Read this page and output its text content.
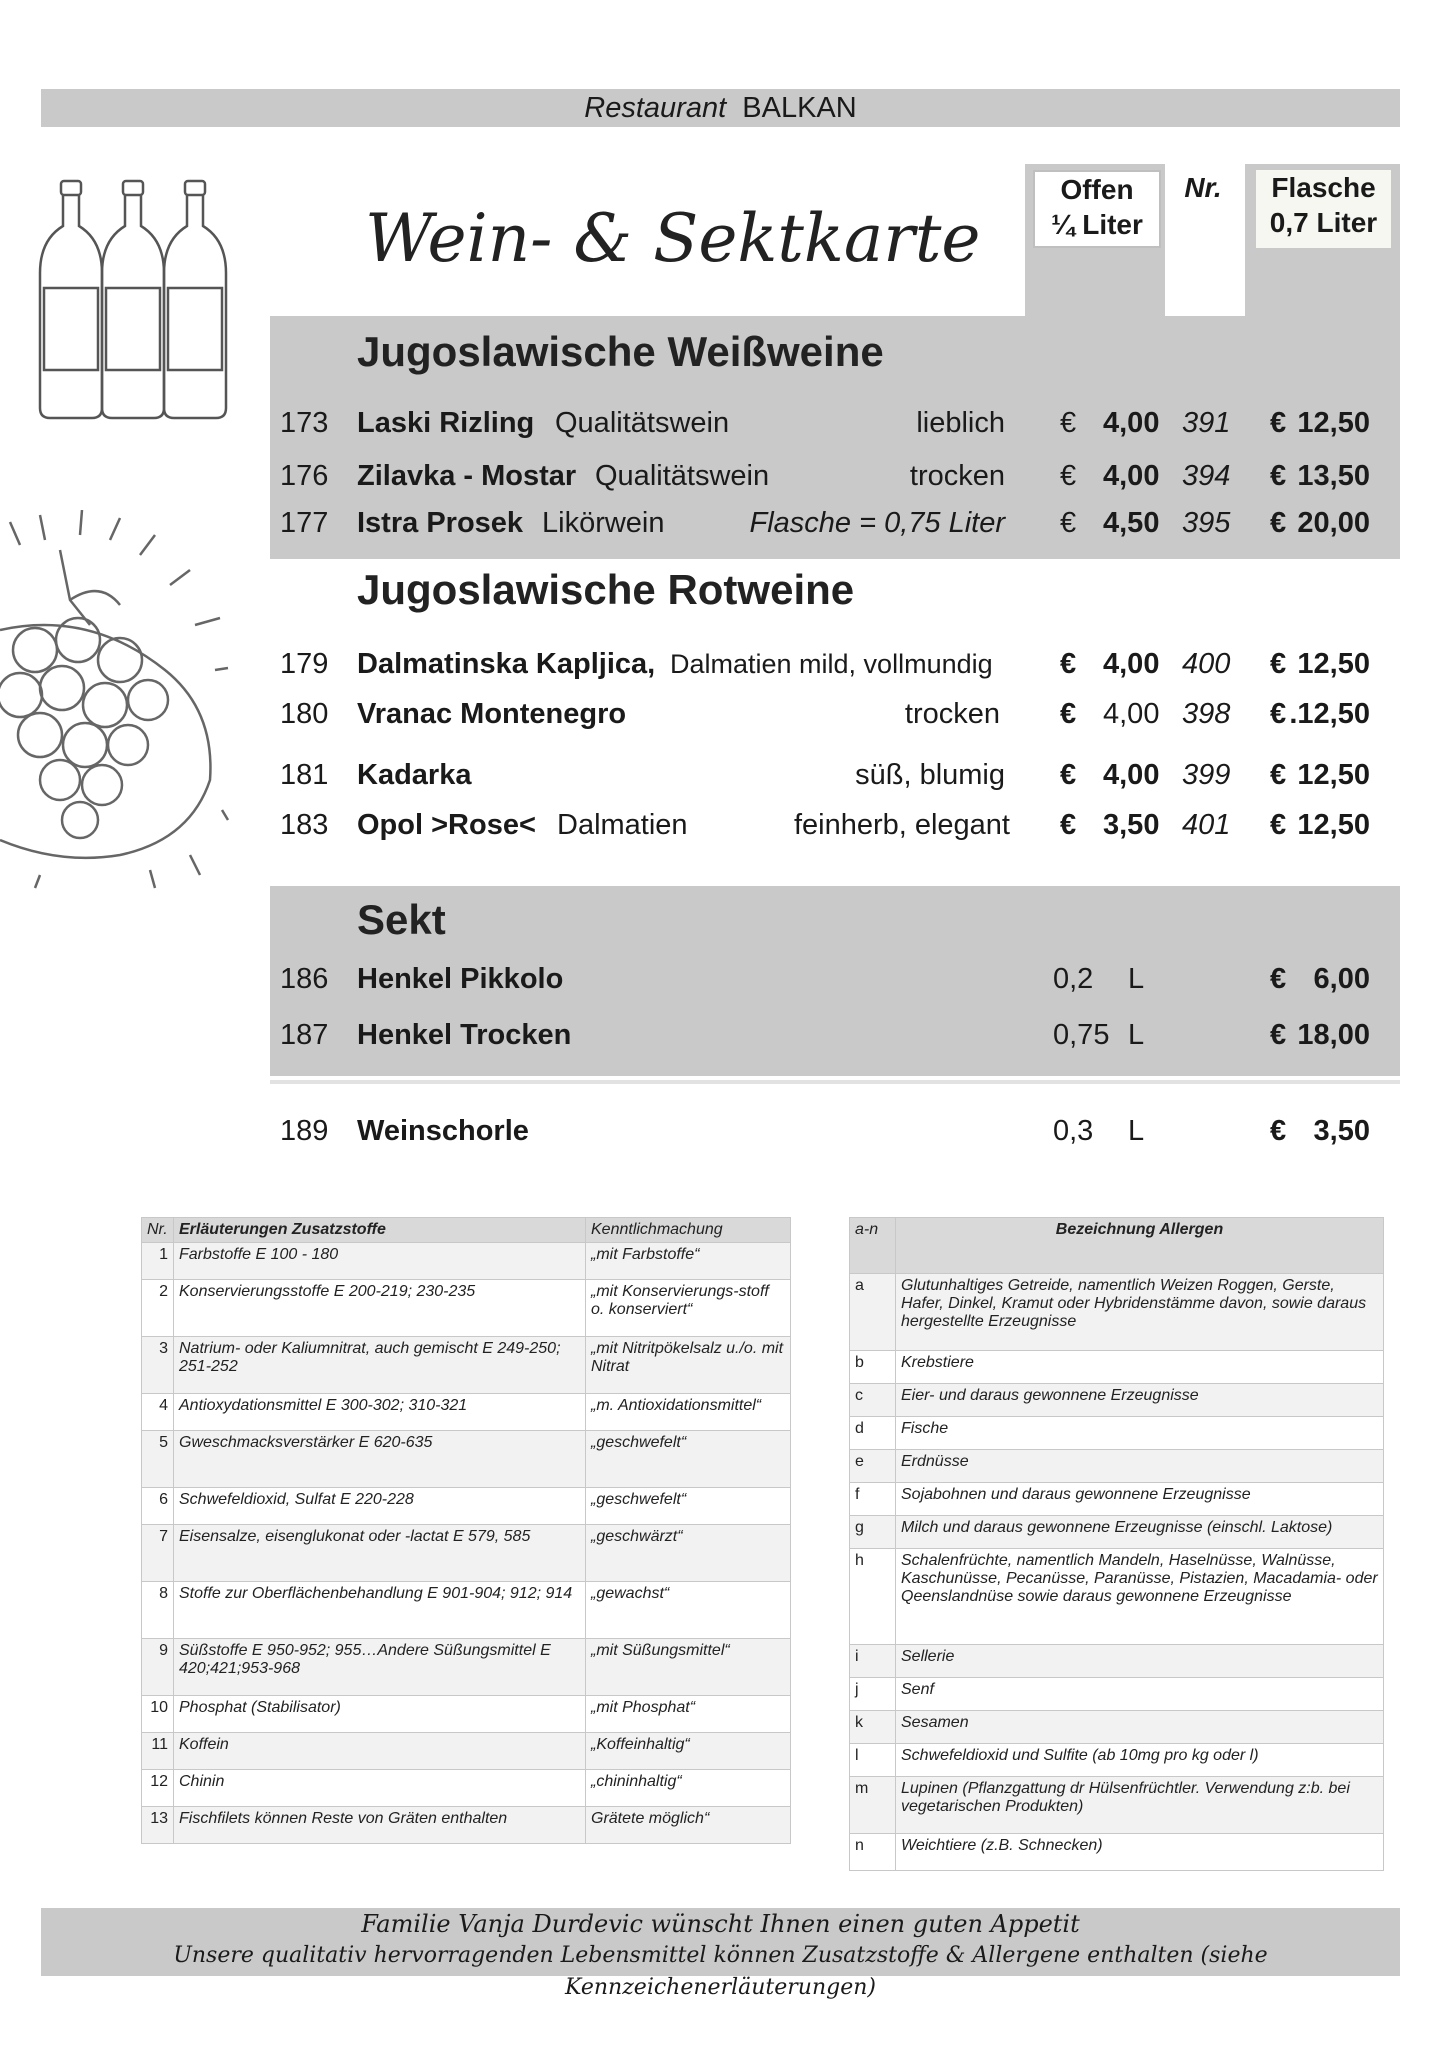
Restaurant BALKAN
Wein- & Sektkarte
Offen
¼ Liter
Nr.	Flasche
0,7 Liter
Jugoslawische Weißweine
173 Laski Rizling Qualitätswein	lieblich € 4,00 391 € 12,50
176 Zilavka - Mostar Qualitätswein	trocken € 4,00 394 € 13,50
177 Istra Prosek Likörwein	Flasche = 0,75 Liter € 4,50 395 € 20,00
Jugoslawische Rotweine
179 Dalmatinska Kapljica, Dalmatien mild, vollmundig € 4,00 400 € 12,50
180 Vranac Montenegro	trocken € 4,00 398 € .12,50
181 Kadarka	süß, blumig € 4,00 399 € 12,50
183 Opol >Rose< Dalmatien	feinherb, elegant € 3,50 401 € 12,50
Sekt
186 Henkel Pikkolo	0,2 L	€ 6,00
187 Henkel Trocken	0,75 L	€ 18,00
189 Weinschorle	0,3 L	€ 3,50
Nr.	Erläuterungen Zusatzstoffe	Kenntlichmachung
1	Farbstoffe E 100 - 180	„mit Farbstoffe“
2	Konservierungsstoffe E 200-219; 230-235	„mit Konservierungs-stoff o. konserviert“
3	Natrium- oder Kaliumnitrat, auch gemischt E 249-250; 251-252	„mit Nitritpökelsalz u./o. mit Nitrat
4	Antioxydationsmittel E 300-302; 310-321	„m. Antioxidationsmittel“
5	Gweschmacksverstärker E 620-635	„geschwefelt“
6	Schwefeldioxid, Sulfat E 220-228	„geschwefelt“
7	Eisensalze, eisenglukonat oder -lactat E 579, 585	„geschwärzt“
8	Stoffe zur Oberflächenbehandlung E 901-904; 912; 914	„gewachst“
9	Süßstoffe E 950-952; 955…Andere Süßungsmittel E 420;421;953-968	„mit Süßungsmittel“
10	Phosphat (Stabilisator)	„mit Phosphat“
11	Koffein	„Koffeinhaltig“
12	Chinin	„chininhaltig“
13	Fischfilets können Reste von Gräten enthalten	Grätete möglich“
a-n	Bezeichnung Allergen
a	Glutunhaltiges Getreide, namentlich Weizen Roggen, Gerste, Hafer, Dinkel, Kramut oder Hybridenstämme davon, sowie daraus hergestellte Erzeugnisse
b	Krebstiere
c	Eier- und daraus gewonnene Erzeugnisse
d	Fische
e	Erdnüsse
f	Sojabohnen und daraus gewonnene Erzeugnisse
g	Milch und daraus gewonnene Erzeugnisse (einschl. Laktose)
h	Schalenfrüchte, namentlich Mandeln, Haselnüsse, Walnüsse, Kaschunüsse, Pecanüsse, Paranüsse, Pistazien, Macadamia- oder Qeenslandnüse sowie daraus gewonnene Erzeugnisse
i	Sellerie
j	Senf
k	Sesamen
l	Schwefeldioxid und Sulfite (ab 10mg pro kg oder l)
m	Lupinen (Pflanzgattung dr Hülsenfrüchtler. Verwendung z:b. bei vegetarischen Produkten)
n	Weichtiere (z.B. Schnecken)
Familie Vanja Durdevic wünscht Ihnen einen guten Appetit
Unsere qualitativ hervorragenden Lebensmittel können Zusatzstoffe & Allergene enthalten (siehe Kennzeichenerläuterungen)
